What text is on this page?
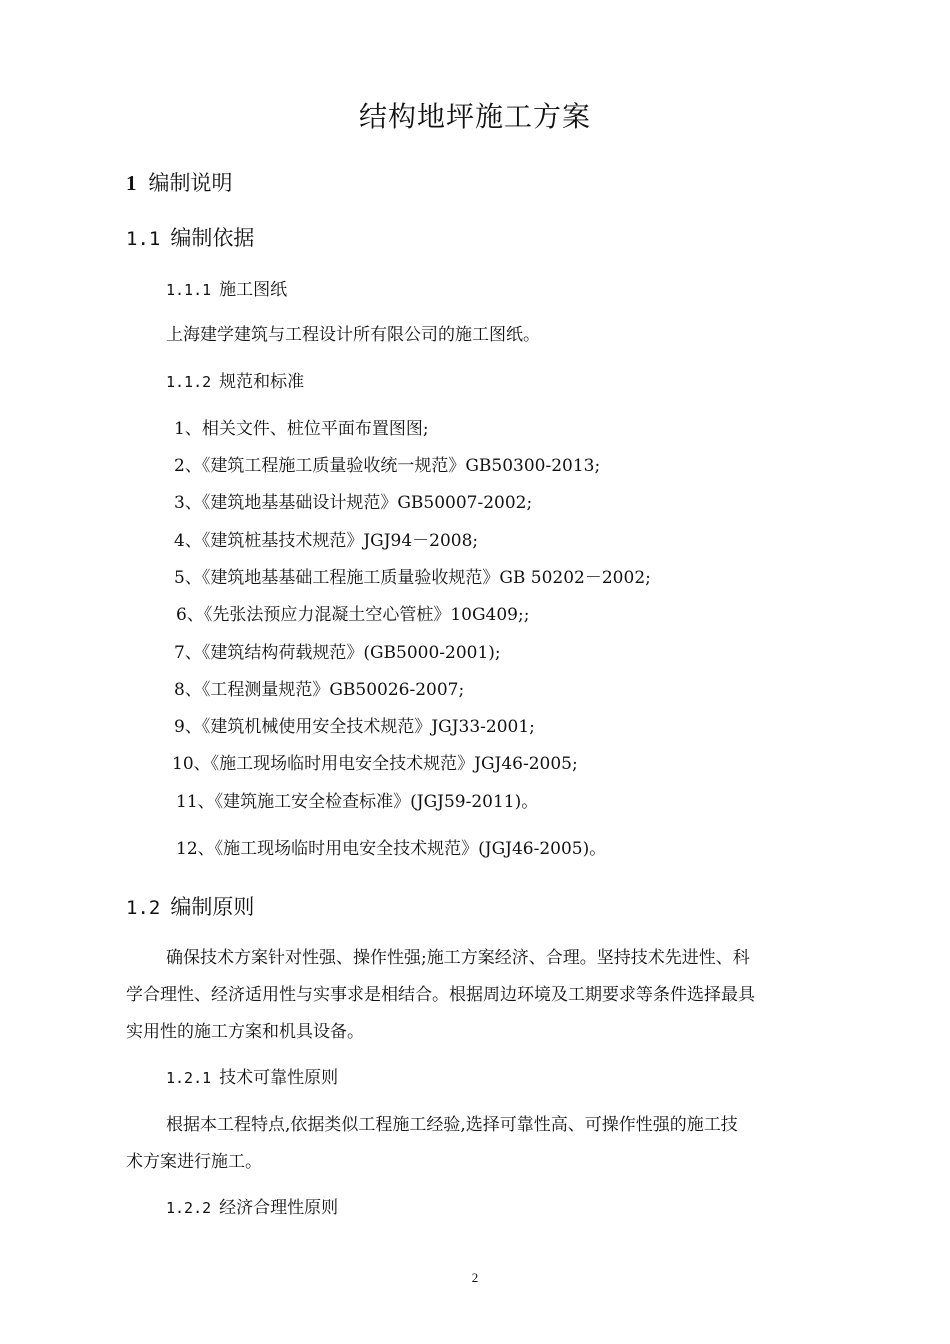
结构地坪施工方案
1 编制说明
1.1 编制依据
1.1.1 施工图纸
上海建学建筑与工程设计所有限公司的施工图纸。
1.1.2 规范和标准
1、相关文件、桩位平面布置图图;
2、《建筑工程施工质量验收统一规范》GB50300-2013;
3、《建筑地基基础设计规范》GB50007-2002;
4、《建筑桩基技术规范》JGJ94－2008;
5、《建筑地基基础工程施工质量验收规范》GB 50202－2002;
6、《先张法预应力混凝土空心管桩》10G409;;
7、《建筑结构荷载规范》(GB5000-2001);
8、《工程测量规范》GB50026-2007;
9、《建筑机械使用安全技术规范》JGJ33-2001;
10、《施工现场临时用电安全技术规范》JGJ46-2005;
11、《建筑施工安全检查标准》(JGJ59-2011)。
12、《施工现场临时用电安全技术规范》(JGJ46-2005)。
1.2 编制原则
确保技术方案针对性强、操作性强;施工方案经济、合理。坚持技术先进性、科
学合理性、经济适用性与实事求是相结合。根据周边环境及工期要求等条件选择最具
实用性的施工方案和机具设备。
1.2.1 技术可靠性原则
根据本工程特点,依据类似工程施工经验,选择可靠性高、可操作性强的施工技
术方案进行施工。
1.2.2 经济合理性原则
2
